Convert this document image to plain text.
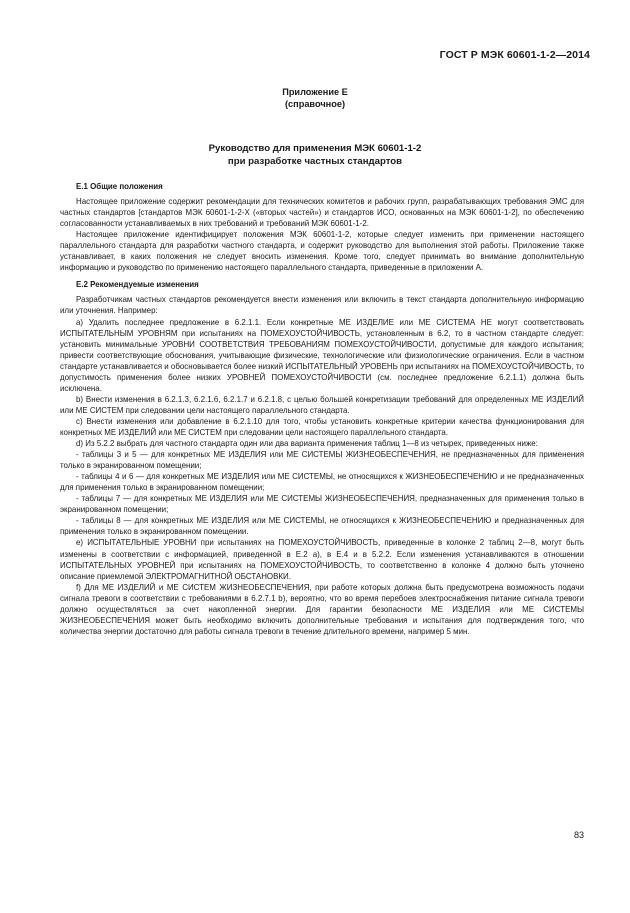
ГОСТ Р МЭК 60601-1-2—2014
Приложение Е
(справочное)
Руководство для применения МЭК 60601-1-2
при разработке частных стандартов
Е.1 Общие положения

Настоящее приложение содержит рекомендации для технических комитетов и рабочих групп, разрабатывающих требования ЭМС для частных стандартов [стандартов МЭК 60601-1-2-Х («вторых частей») и стандартов ИСО, основанных на МЭК 60601-1-2], по обеспечению согласованности устанавливаемых в них требований и требований МЭК 60601-1-2.

Настоящее приложение идентифицирует положения МЭК 60601-1-2, которые следует изменить при применении настоящего параллельного стандарта для разработки частного стандарта, и содержит руководство для выполнения этой работы. Приложение также устанавливает, в каких положения не следует вносить изменения. Кроме того, следует принимать во внимание дополнительную информацию и руководство по применению настоящего параллельного стандарта, приведенные в приложении А.

Е.2 Рекомендуемые изменения

Разработчикам частных стандартов рекомендуется внести изменения или включить в текст стандарта дополнительную информацию или уточнения. Например:

а) Удалить последнее предложение в 6.2.1.1. Если конкретные МЕ ИЗДЕЛИЕ или МЕ СИСТЕМА НЕ могут соответствовать ИСПЫТАТЕЛЬНЫМ УРОВНЯМ при испытаниях на ПОМЕХОУСТОЙЧИВОСТЬ, установленным в 6.2, то в частном стандарте следует: установить минимальные УРОВНИ СООТВЕТСТВИЯ ТРЕБОВАНИЯМ ПОМЕХОУСТОЙЧИВОСТИ, допустимые для каждого испытания; привести соответствующие обоснования, учитывающие физические, технологические или физиологические ограничения. Если в частном стандарте устанавливается и обосновывается более низкий ИСПЫТАТЕЛЬНЫЙ УРОВЕНЬ при испытаниях на ПОМЕХОУСТОЙЧИВОСТЬ, то допустимость применения более низких УРОВНЕЙ ПОМЕХОУСТОЙЧИВОСТИ (см. последнее предложение 6.2.1.1) должна быть исключена.

b) Внести изменения в 6.2.1.3, 6.2.1.6, 6.2.1.7 и 6.2.1.8, с целью большей конкретизации требований для определенных МЕ ИЗДЕЛИЙ или МЕ СИСТЕМ при следовании цели настоящего параллельного стандарта.

с) Внести изменения или добавление в 6.2.1.10 для того, чтобы установить конкретные критерии качества функционирования для конкретных МЕ ИЗДЕЛИЙ или МЕ СИСТЕМ при следовании цели настоящего параллельного стандарта.

d) Из 5.2.2 выбрать для частного стандарта один или два варианта применения таблиц 1—8 из четырех, приведенных ниже:

- таблицы 3 и 5 — для конкретных МЕ ИЗДЕЛИЯ или МЕ СИСТЕМЫ ЖИЗНЕОБЕСПЕЧЕНИЯ, не предназначенных для применения только в экранированном помещении;

- таблицы 4 и 6 — для конкретных МЕ ИЗДЕЛИЯ или МЕ СИСТЕМЫ, не относящихся к ЖИЗНЕОБЕСПЕЧЕНИЮ и не предназначенных для применения только в экранированном помещении;

- таблицы 7 — для конкретных МЕ ИЗДЕЛИЯ или МЕ СИСТЕМЫ ЖИЗНЕОБЕСПЕЧЕНИЯ, предназначенных для применения только в экранированном помещении;

- таблицы 8 — для конкретных МЕ ИЗДЕЛИЯ или МЕ СИСТЕМЫ, не относящихся к ЖИЗНЕОБЕСПЕЧЕНИЮ и предназначенных для применения только в экранированном помещении.

е) ИСПЫТАТЕЛЬНЫЕ УРОВНИ при испытаниях на ПОМЕХОУСТОЙЧИВОСТЬ, приведенные в колонке 2 таблиц 2—8, могут быть изменены в соответствии с информацией, приведенной в Е.2 а), в Е.4 и в 5.2.2. Если изменения устанавливаются в отношении ИСПЫТАТЕЛЬНЫХ УРОВНЕЙ при испытаниях на ПОМЕХОУСТОЙЧИВОСТЬ, то соответственно в колонке 4 должно быть уточнено описание приемлемой ЭЛЕКТРОМАГНИТНОЙ ОБСТАНОВКИ.

f) Для МЕ ИЗДЕЛИЙ и МЕ СИСТЕМ ЖИЗНЕОБЕСПЕЧЕНИЯ, при работе которых должна быть предусмотрена возможность подачи сигнала тревоги в соответствии с требованиями в 6.2.7.1 b), вероятно, что во время перебоев электроснабжения питание сигнала тревоги должно осуществляться за счет накопленной энергии. Для гарантии безопасности МЕ ИЗДЕЛИЯ или МЕ СИСТЕМЫ ЖИЗНЕОБЕСПЕЧЕНИЯ может быть необходимо включить дополнительные требования и испытания для подтверждения того, что количества энергии достаточно для работы сигнала тревоги в течение длительного времени, например 5 мин.

83
